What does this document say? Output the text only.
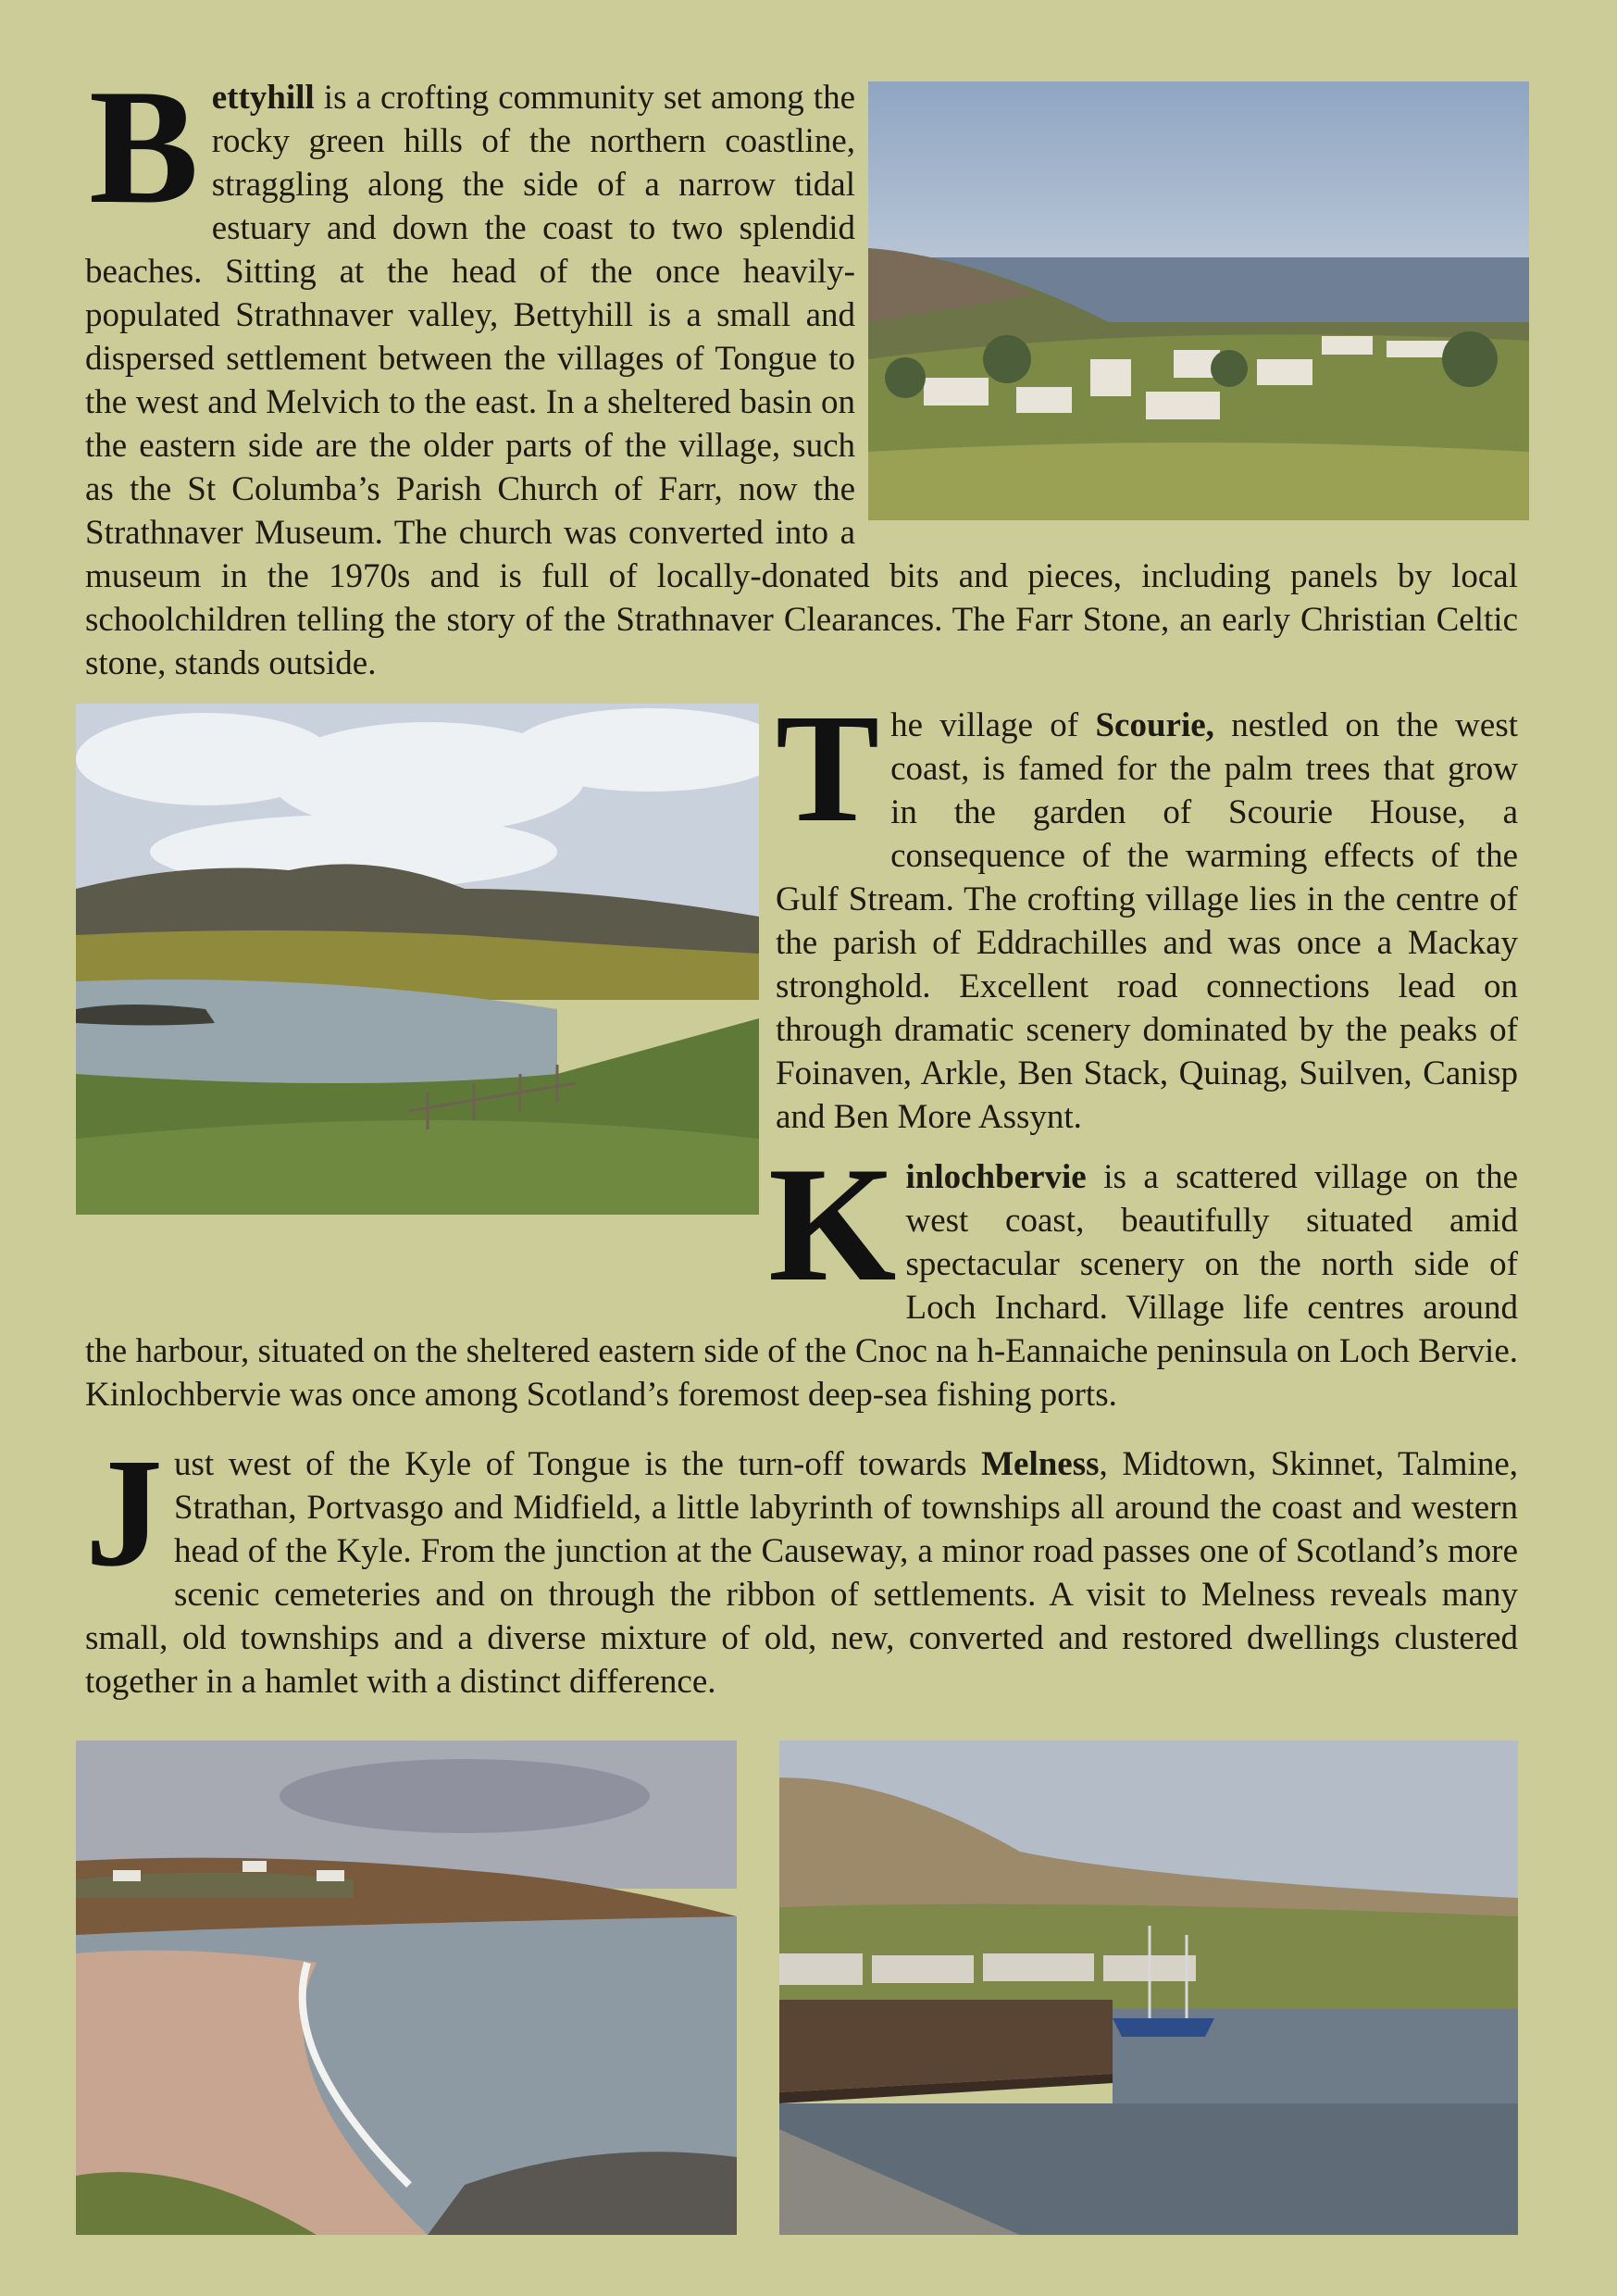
Bettyhill is a crofting community set among the rocky green hills of the northern coastline, straggling along the side of a narrow tidal estuary and down the coast to two splendid beaches. Sitting at the head of the once heavily-populated Strathnaver valley, Bettyhill is a small and dispersed settlement between the villages of Tongue to the west and Melvich to the east. In a sheltered basin on the eastern side are the older parts of the village, such as the St Columba’s Parish Church of Farr, now the Strathnaver Museum. The church was converted into a museum in the 1970s and is full of locally-donated bits and pieces, including panels by local schoolchildren telling the story of the Strathnaver Clearances. The Farr Stone, an early Christian Celtic stone, stands outside.

The village of Scourie, nestled on the west coast, is famed for the palm trees that grow in the garden of Scourie House, a consequence of the warming effects of the Gulf Stream. The crofting village lies in the centre of the parish of Eddrachilles and was once a Mackay stronghold. Excellent road connections lead on through dramatic scenery dominated by the peaks of Foinaven, Arkle, Ben Stack, Quinag, Suilven, Canisp and Ben More Assynt.

Kinlochbervie is a scattered village on the west coast, beautifully situated amid spectacular scenery on the north side of Loch Inchard. Village life centres around the harbour, situated on the sheltered eastern side of the Cnoc na h-Eannaiche peninsula on Loch Bervie. Kinlochbervie was once among Scotland’s foremost deep-sea fishing ports.

Just west of the Kyle of Tongue is the turn-off towards Melness, Midtown, Skinnet, Talmine, Strathan, Portvasgo and Midfield, a little labyrinth of townships all around the coast and western head of the Kyle. From the junction at the Causeway, a minor road passes one of Scotland’s more scenic cemeteries and on through the ribbon of settlements. A visit to Melness reveals many small, old townships and a diverse mixture of old, new, converted and restored dwellings clustered together in a hamlet with a distinct difference.
